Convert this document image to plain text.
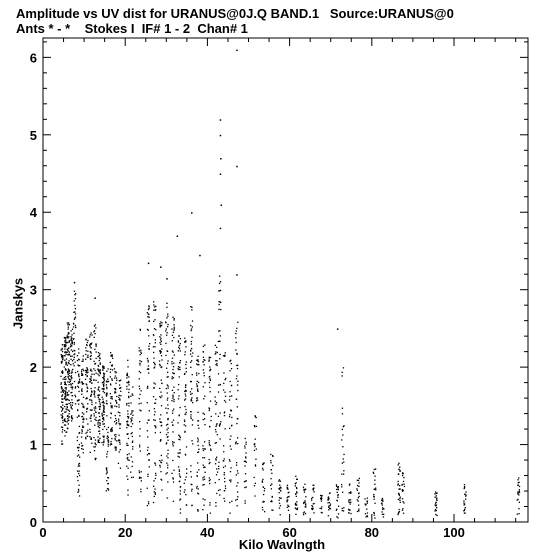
Amplitude vs UV dist for URANUS@0J.Q BAND.1   Source:URANUS@0
Ants * - *    Stokes I  IF# 1 - 2  Chan# 1
0	20	40	60	80	100
0
1
2
3
4
5
6
Kilo Wavlngth
Janskys
